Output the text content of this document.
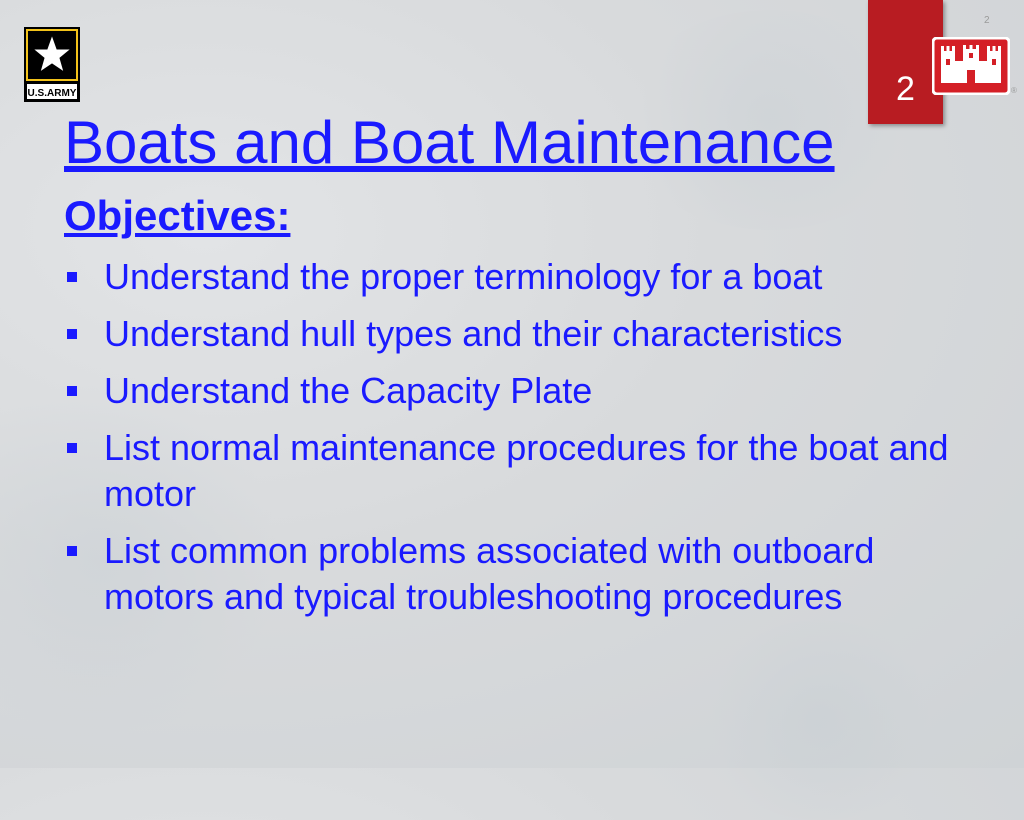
U.S.ARMY
2
2	®
Boats and Boat Maintenance
Objectives:
Understand the proper terminology for a boat
Understand hull types and their characteristics
Understand the Capacity Plate
List normal maintenance procedures for the boat and motor
List common problems associated with outboard motors and typical troubleshooting procedures
